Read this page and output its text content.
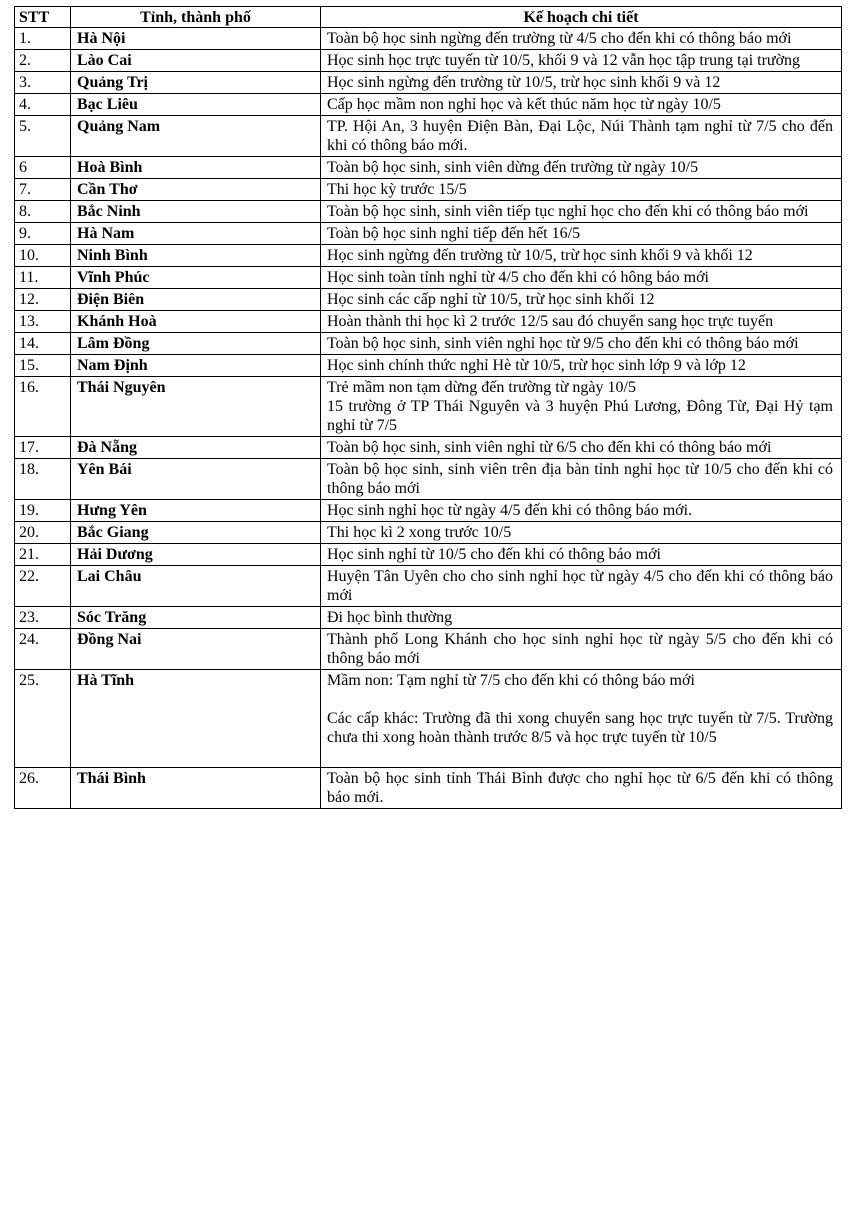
STT	Tỉnh, thành phố	Kế hoạch chi tiết
1.	Hà Nội	Toàn bộ học sinh ngừng đến trường từ 4/5 cho đến khi có thông báo mới

2.	Lào Cai	Học sinh học trực tuyến từ 10/5, khối 9 và 12 vẫn học tập trung tại trường

3.	Quảng Trị	Học sinh ngừng đến trường từ 10/5, trừ học sinh khối 9 và 12

4.	Bạc Liêu	Cấp học mầm non nghỉ học và kết thúc năm học từ ngày 10/5

5.	Quảng Nam	TP. Hội An, 3 huyện Điện Bàn, Đại Lộc, Núi Thành tạm nghỉ từ 7/5 cho đến khi có thông báo mới.

6	Hoà Bình	Toàn bộ học sinh, sinh viên dừng đến trường từ ngày 10/5

7.	Cần Thơ	Thi học kỳ trước 15/5

8.	Bắc Ninh	Toàn bộ học sinh, sinh viên tiếp tục nghỉ học cho đến khi có thông báo mới

9.	Hà Nam	Toàn bộ học sinh nghỉ tiếp đến hết 16/5

10.	Ninh Bình	Học sinh ngừng đến trường từ 10/5, trừ học sinh khối 9 và khối 12

11.	Vĩnh Phúc	Học sinh toàn tỉnh nghỉ từ 4/5 cho đến khi có hông báo mới

12.	Điện Biên	Học sinh các cấp nghỉ từ 10/5, trừ học sinh khối 12

13.	Khánh Hoà	Hoàn thành thi học kì 2 trước 12/5 sau đó chuyển sang học trực tuyến

14.	Lâm Đồng	Toàn bộ học sinh, sinh viên nghỉ học từ 9/5 cho đến khi có thông báo mới

15.	Nam Định	Học sinh chính thức nghỉ Hè từ 10/5, trừ học sinh lớp 9 và lớp 12

16.	Thái Nguyên	Trẻ mầm non tạm dừng đến trường từ ngày 10/5
15 trường ở TP Thái Nguyên và 3 huyện Phú Lương, Đông Từ, Đại Hỷ tạm nghỉ từ 7/5

17.	Đà Nẵng	Toàn bộ học sinh, sinh viên nghỉ từ 6/5 cho đến khi có thông báo mới

18.	Yên Bái	Toàn bộ học sinh, sinh viên trên địa bàn tỉnh nghỉ học từ 10/5 cho đến khi có thông báo mới

19.	Hưng Yên	Học sinh nghỉ học từ ngày 4/5 đến khi có thông báo mới.

20.	Bắc Giang	Thi học kì 2 xong trước 10/5

21.	Hải Dương	Học sinh nghỉ từ 10/5 cho đến khi có thông báo mới

22.	Lai Châu	Huyện Tân Uyên cho cho sinh nghỉ học từ ngày 4/5 cho đến khi có thông báo mới

23.	Sóc Trăng	Đi học bình thường

24.	Đồng Nai	Thành phố Long Khánh cho học sinh nghỉ học từ ngày 5/5 cho đến khi có thông báo mới

25.	Hà Tĩnh	Mầm non: Tạm nghỉ từ 7/5 cho đến khi có thông báo mới
Các cấp khác: Trường đã thi xong chuyển sang học trực tuyến từ 7/5. Trường chưa thi xong hoàn thành trước 8/5 và học trực tuyến từ 10/5

26.	Thái Bình	Toàn bộ học sinh tỉnh Thái Bình được cho nghỉ học từ 6/5 đến khi có thông báo mới.
